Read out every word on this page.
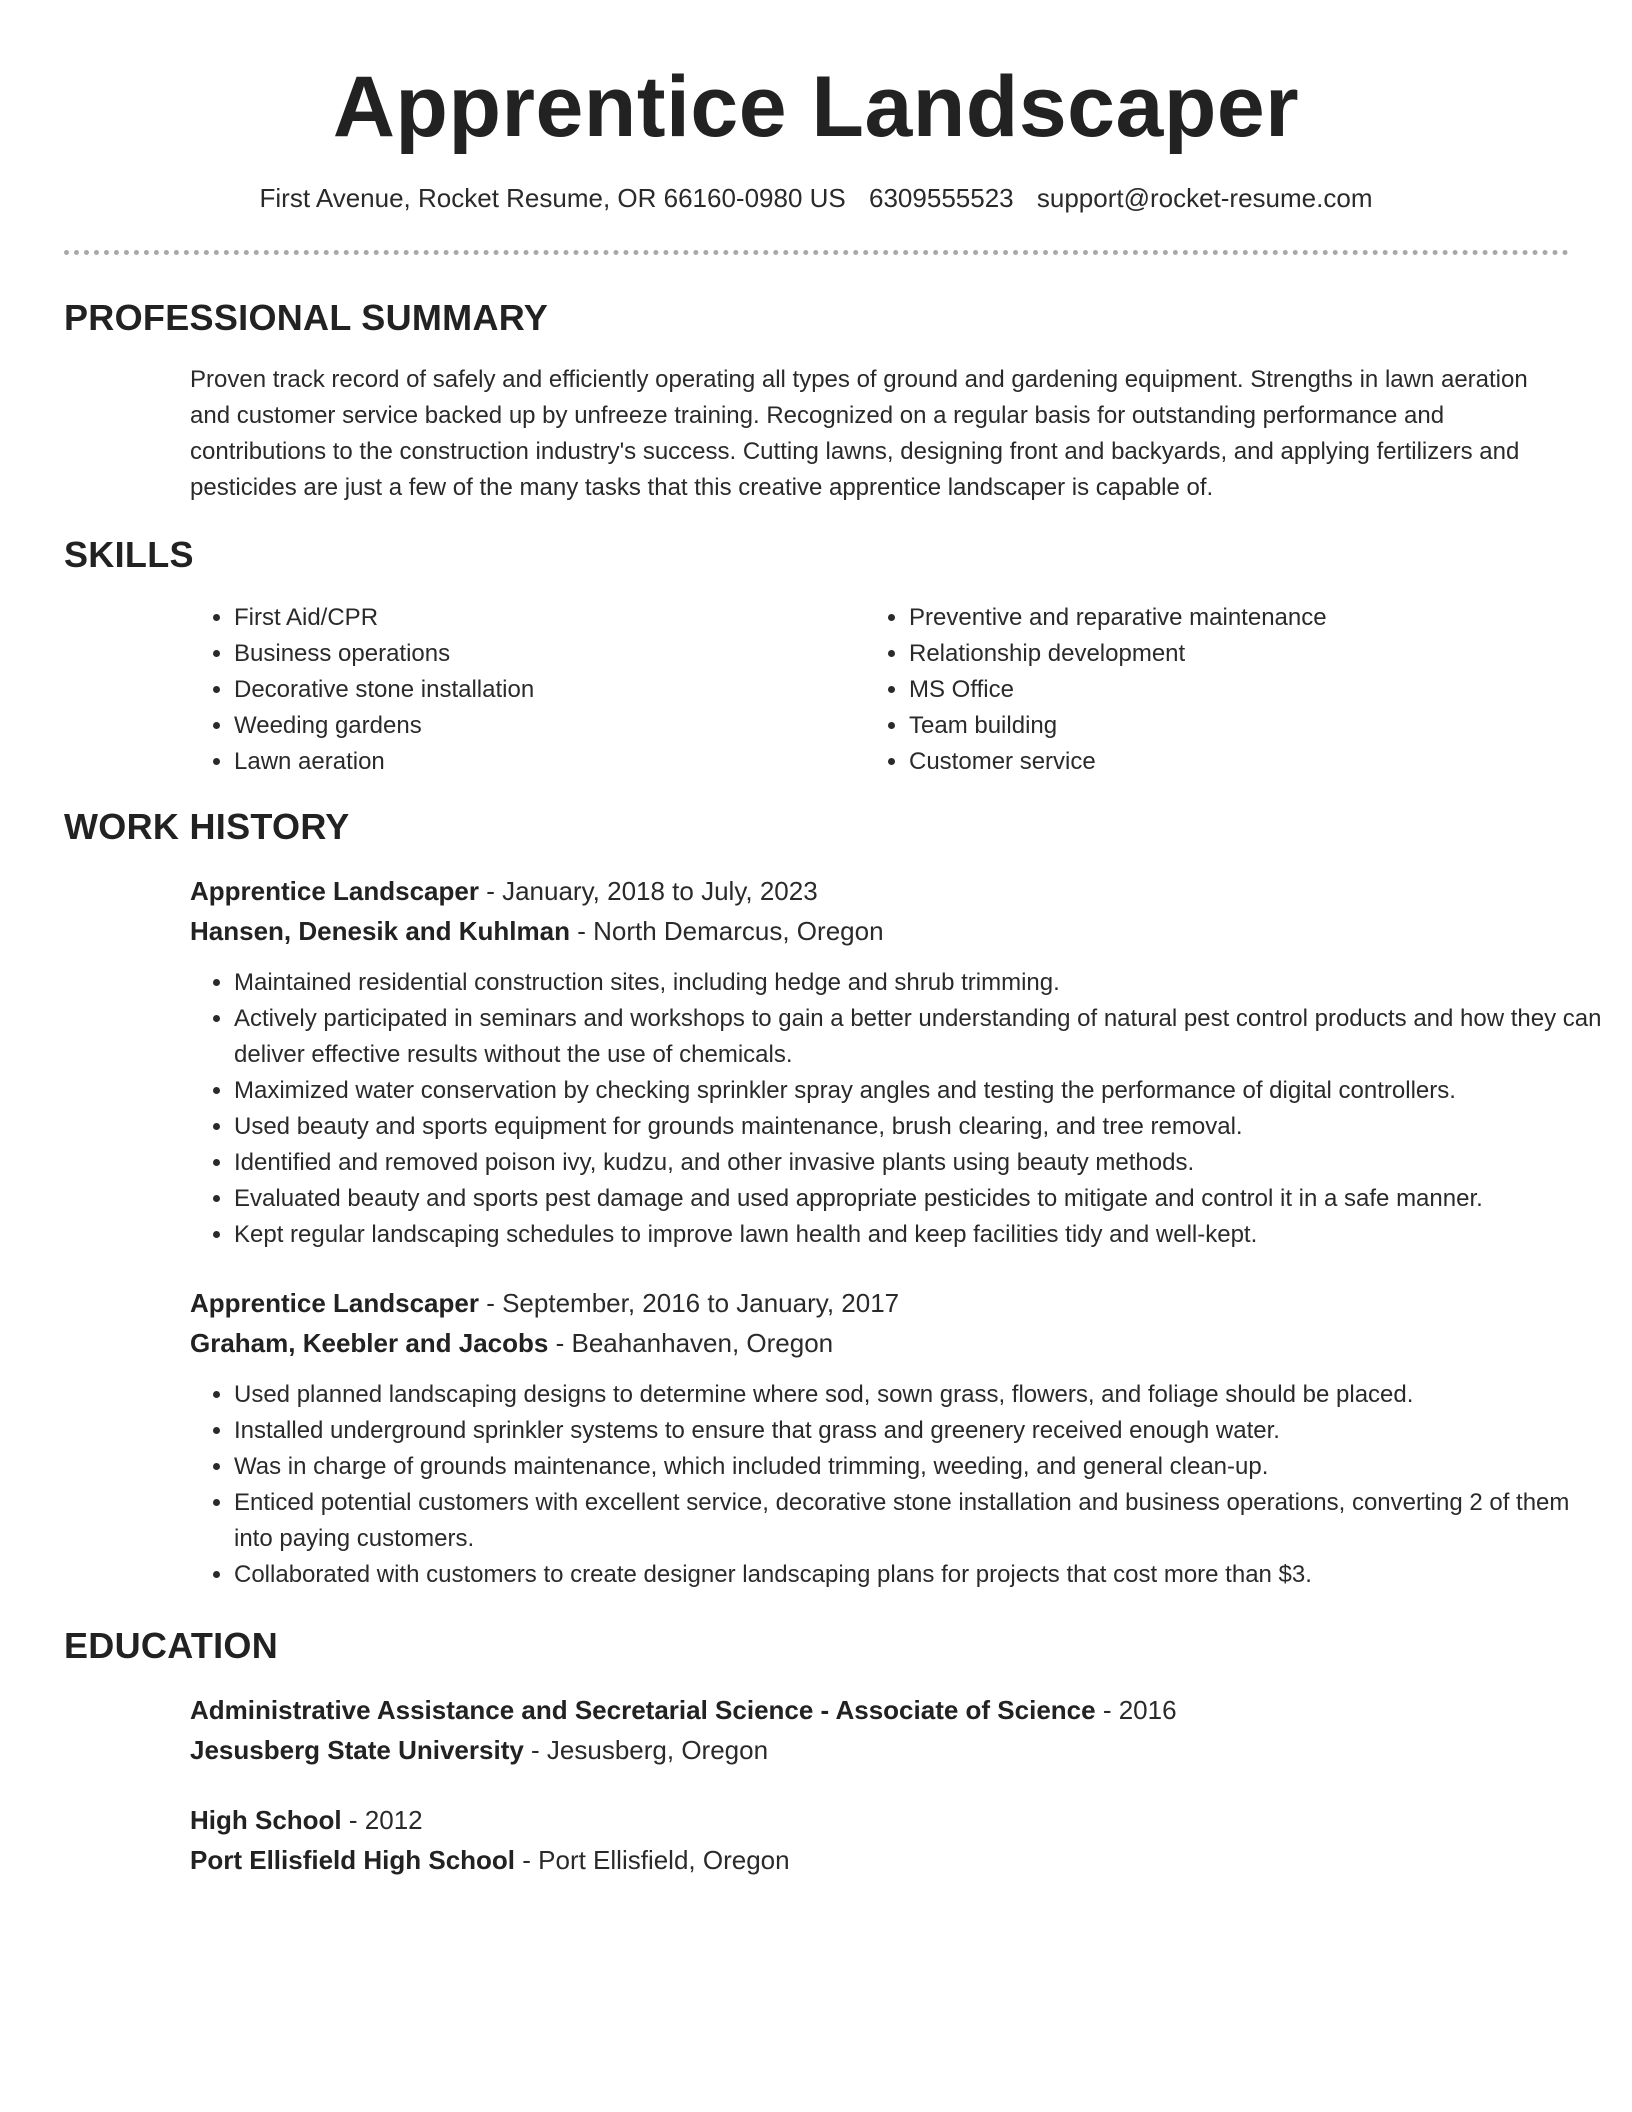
Apprentice Landscaper
First Avenue, Rocket Resume, OR 66160-0980 US 6309555523 support@rocket-resume.com
PROFESSIONAL SUMMARY
Proven track record of safely and efficiently operating all types of ground and gardening equipment. Strengths in lawn aeration and customer service backed up by unfreeze training. Recognized on a regular basis for outstanding performance and contributions to the construction industry's success. Cutting lawns, designing front and backyards, and applying fertilizers and pesticides are just a few of the many tasks that this creative apprentice landscaper is capable of.
SKILLS
• First Aid/CPR
• Business operations
• Decorative stone installation
• Weeding gardens
• Lawn aeration
• Preventive and reparative maintenance
• Relationship development
• MS Office
• Team building
• Customer service
WORK HISTORY
Apprentice Landscaper - January, 2018 to July, 2023
Hansen, Denesik and Kuhlman - North Demarcus, Oregon
• Maintained residential construction sites, including hedge and shrub trimming.
• Actively participated in seminars and workshops to gain a better understanding of natural pest control products and how they can deliver effective results without the use of chemicals.
• Maximized water conservation by checking sprinkler spray angles and testing the performance of digital controllers.
• Used beauty and sports equipment for grounds maintenance, brush clearing, and tree removal.
• Identified and removed poison ivy, kudzu, and other invasive plants using beauty methods.
• Evaluated beauty and sports pest damage and used appropriate pesticides to mitigate and control it in a safe manner.
• Kept regular landscaping schedules to improve lawn health and keep facilities tidy and well-kept.
Apprentice Landscaper - September, 2016 to January, 2017
Graham, Keebler and Jacobs - Beahanhaven, Oregon
• Used planned landscaping designs to determine where sod, sown grass, flowers, and foliage should be placed.
• Installed underground sprinkler systems to ensure that grass and greenery received enough water.
• Was in charge of grounds maintenance, which included trimming, weeding, and general clean-up.
• Enticed potential customers with excellent service, decorative stone installation and business operations, converting 2 of them into paying customers.
• Collaborated with customers to create designer landscaping plans for projects that cost more than $3.
EDUCATION
Administrative Assistance and Secretarial Science - Associate of Science - 2016
Jesusberg State University - Jesusberg, Oregon
High School - 2012
Port Ellisfield High School - Port Ellisfield, Oregon
